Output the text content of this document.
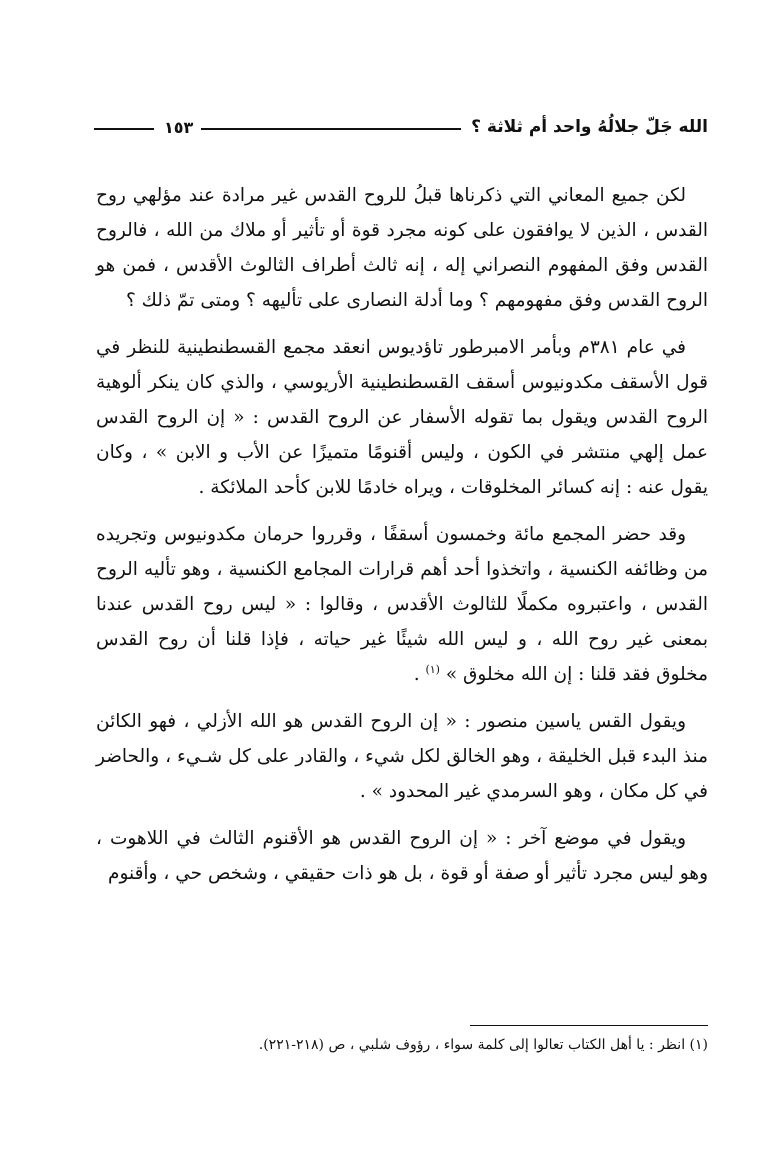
الله جَلّ جلالُهُ واحد أم ثلاثة ؟
١٥٣

لكن جميع المعاني التي ذكرناها قبلُ للروح القدس غير مرادة عند مؤلهي روح القدس ، الذين لا يوافقون على كونه مجرد قوة أو تأثير أو ملاك من الله ، فالروح القدس وفق المفهوم النصراني إله ، إنه ثالث أطراف الثالوث الأقدس ، فمن هو الروح القدس وفق مفهومهم ؟ وما أدلة النصارى على تأليهه ؟ ومتى تمّ ذلك ؟

في عام ٣٨١م وبأمر الامبرطور تاؤديوس انعقد مجمع القسطنطينية للنظر في قول الأسقف مكدونيوس أسقف القسطنطينية الأريوسي ، والذي كان ينكر ألوهية الروح القدس ويقول بما تقوله الأسفار عن الروح القدس : « إن الروح القدس عمل إلهي منتشر في الكون ، وليس أقنومًا متميزًا عن الأب و الابن » ، وكان يقول عنه : إنه كسائر المخلوقات ، ويراه خادمًا للابن كأحد الملائكة .

وقد حضر المجمع مائة وخمسون أسقفًا ، وقرروا حرمان مكدونيوس وتجريده من وظائفه الكنسية ، واتخذوا أحد أهم قرارات المجامع الكنسية ، وهو تأليه الروح القدس ، واعتبروه مكملًا للثالوث الأقدس ، وقالوا : « ليس روح القدس عندنا بمعنى غير روح الله ، و ليس الله شيئًا غير حياته ، فإذا قلنا أن روح القدس مخلوق فقد قلنا : إن الله مخلوق » $^{(١)}$ .

ويقول القس ياسين منصور : « إن الروح القدس هو الله الأزلي ، فهو الكائن منذ البدء قبل الخليقة ، وهو الخالق لكل شيء ، والقادر على كل شـيء ، والحاضر في كل مكان ، وهو السرمدي غير المحدود » .

ويقول في موضع آخر : « إن الروح القدس هو الأقنوم الثالث في اللاهوت ، وهو ليس مجرد تأثير أو صفة أو قوة ، بل هو ذات حقيقي ، وشخص حي ، وأقنوم

(١) انظر : يا أهل الكتاب تعالوا إلى كلمة سواء ، رؤوف شلبي ، ص (٢١٨-٢٢١).
